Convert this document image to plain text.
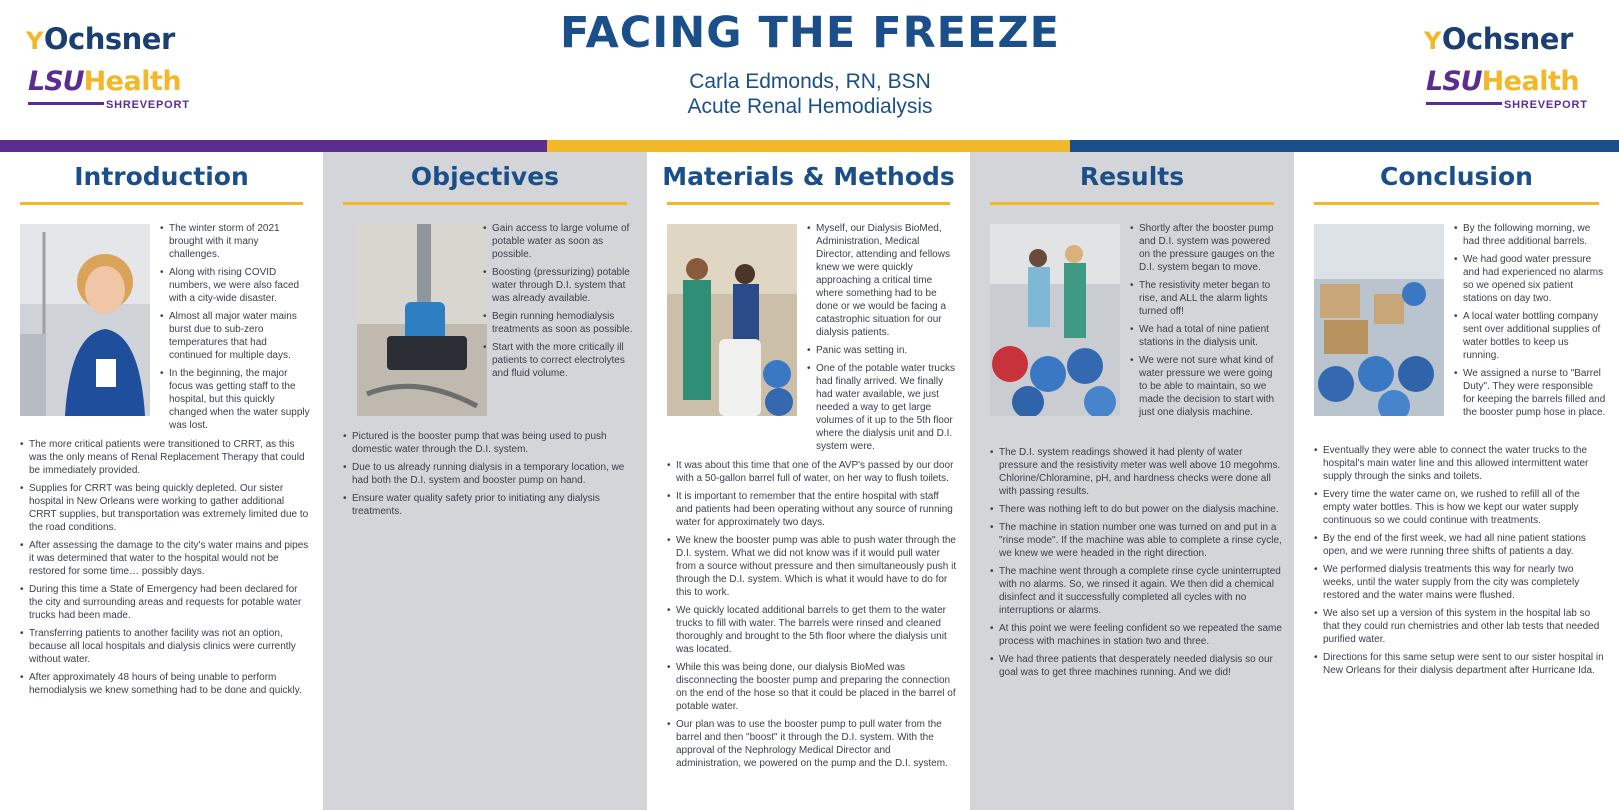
YOchsner
LSUHealth
SHREVEPORT
FACING THE FREEZE
Carla Edmonds, RN, BSN
Acute Renal Hemodialysis
YOchsner
LSUHealth
SHREVEPORT
Introduction
• The winter storm of 2021 brought with it many challenges.
• Along with rising COVID numbers, we were also faced with a city-wide disaster.
• Almost all major water mains burst due to sub-zero temperatures that had continued for multiple days.
• In the beginning, the major focus was getting staff to the hospital, but this quickly changed when the water supply was lost.
• The more critical patients were transitioned to CRRT, as this was the only means of Renal Replacement Therapy that could be immediately provided.
• Supplies for CRRT was being quickly depleted. Our sister hospital in New Orleans were working to gather additional CRRT supplies, but transportation was extremely limited due to the road conditions.
• After assessing the damage to the city's water mains and pipes it was determined that water to the hospital would not be restored for some time… possibly days.
• During this time a State of Emergency had been declared for the city and surrounding areas and requests for potable water trucks had been made.
• Transferring patients to another facility was not an option, because all local hospitals and dialysis clinics were currently without water.
• After approximately 48 hours of being unable to perform hemodialysis we knew something had to be done and quickly.
Objectives
• Gain access to large volume of potable water as soon as possible.
• Boosting (pressurizing) potable water through D.I. system that was already available.
• Begin running hemodialysis treatments as soon as possible.
• Start with the more critically ill patients to correct electrolytes and fluid volume.
• Pictured is the booster pump that was being used to push domestic water through the D.I. system.
• Due to us already running dialysis in a temporary location, we had both the D.I. system and booster pump on hand.
• Ensure water quality safety prior to initiating any dialysis treatments.
Materials & Methods
• Myself, our Dialysis BioMed, Administration, Medical Director, attending and fellows knew we were quickly approaching a critical time where something had to be done or we would be facing a catastrophic situation for our dialysis patients.
• Panic was setting in.
• One of the potable water trucks had finally arrived. We finally had water available, we just needed a way to get large volumes of it up to the 5th floor where the dialysis unit and D.I. system were.
• It was about this time that one of the AVP's passed by our door with a 50-gallon barrel full of water, on her way to flush toilets.
• It is important to remember that the entire hospital with staff and patients had been operating without any source of running water for approximately two days.
• We knew the booster pump was able to push water through the D.I. system. What we did not know was if it would pull water from a source without pressure and then simultaneously push it through the D.I. system. Which is what it would have to do for this to work.
• We quickly located additional barrels to get them to the water trucks to fill with water. The barrels were rinsed and cleaned thoroughly and brought to the 5th floor where the dialysis unit was located.
• While this was being done, our dialysis BioMed was disconnecting the booster pump and preparing the connection on the end of the hose so that it could be placed in the barrel of potable water.
• Our plan was to use the booster pump to pull water from the barrel and then "boost" it through the D.I. system. With the approval of the Nephrology Medical Director and administration, we powered on the pump and the D.I. system.
Results
• Shortly after the booster pump and D.I. system was powered on the pressure gauges on the D.I. system began to move.
• The resistivity meter began to rise, and ALL the alarm lights turned off!
• We had a total of nine patient stations in the dialysis unit.
• We were not sure what kind of water pressure we were going to be able to maintain, so we made the decision to start with just one dialysis machine.
• The D.I. system readings showed it had plenty of water pressure and the resistivity meter was well above 10 megohms. Chlorine/Chloramine, pH, and hardness checks were done all with passing results.
• There was nothing left to do but power on the dialysis machine.
• The machine in station number one was turned on and put in a "rinse mode". If the machine was able to complete a rinse cycle, we knew we were headed in the right direction.
• The machine went through a complete rinse cycle uninterrupted with no alarms. So, we rinsed it again. We then did a chemical disinfect and it successfully completed all cycles with no interruptions or alarms.
• At this point we were feeling confident so we repeated the same process with machines in station two and three.
• We had three patients that desperately needed dialysis so our goal was to get three machines running. And we did!
Conclusion
• By the following morning, we had three additional barrels.
• We had good water pressure and had experienced no alarms so we opened six patient stations on day two.
• A local water bottling company sent over additional supplies of water bottles to keep us running.
• We assigned a nurse to "Barrel Duty". They were responsible for keeping the barrels filled and the booster pump hose in place.
• Eventually they were able to connect the water trucks to the hospital's main water line and this allowed intermittent water supply through the sinks and toilets.
• Every time the water came on, we rushed to refill all of the empty water bottles. This is how we kept our water supply continuous so we could continue with treatments.
• By the end of the first week, we had all nine patient stations open, and we were running three shifts of patients a day.
• We performed dialysis treatments this way for nearly two weeks, until the water supply from the city was completely restored and the water mains were flushed.
• We also set up a version of this system in the hospital lab so that they could run chemistries and other lab tests that needed purified water.
• Directions for this same setup were sent to our sister hospital in New Orleans for their dialysis department after Hurricane Ida.
